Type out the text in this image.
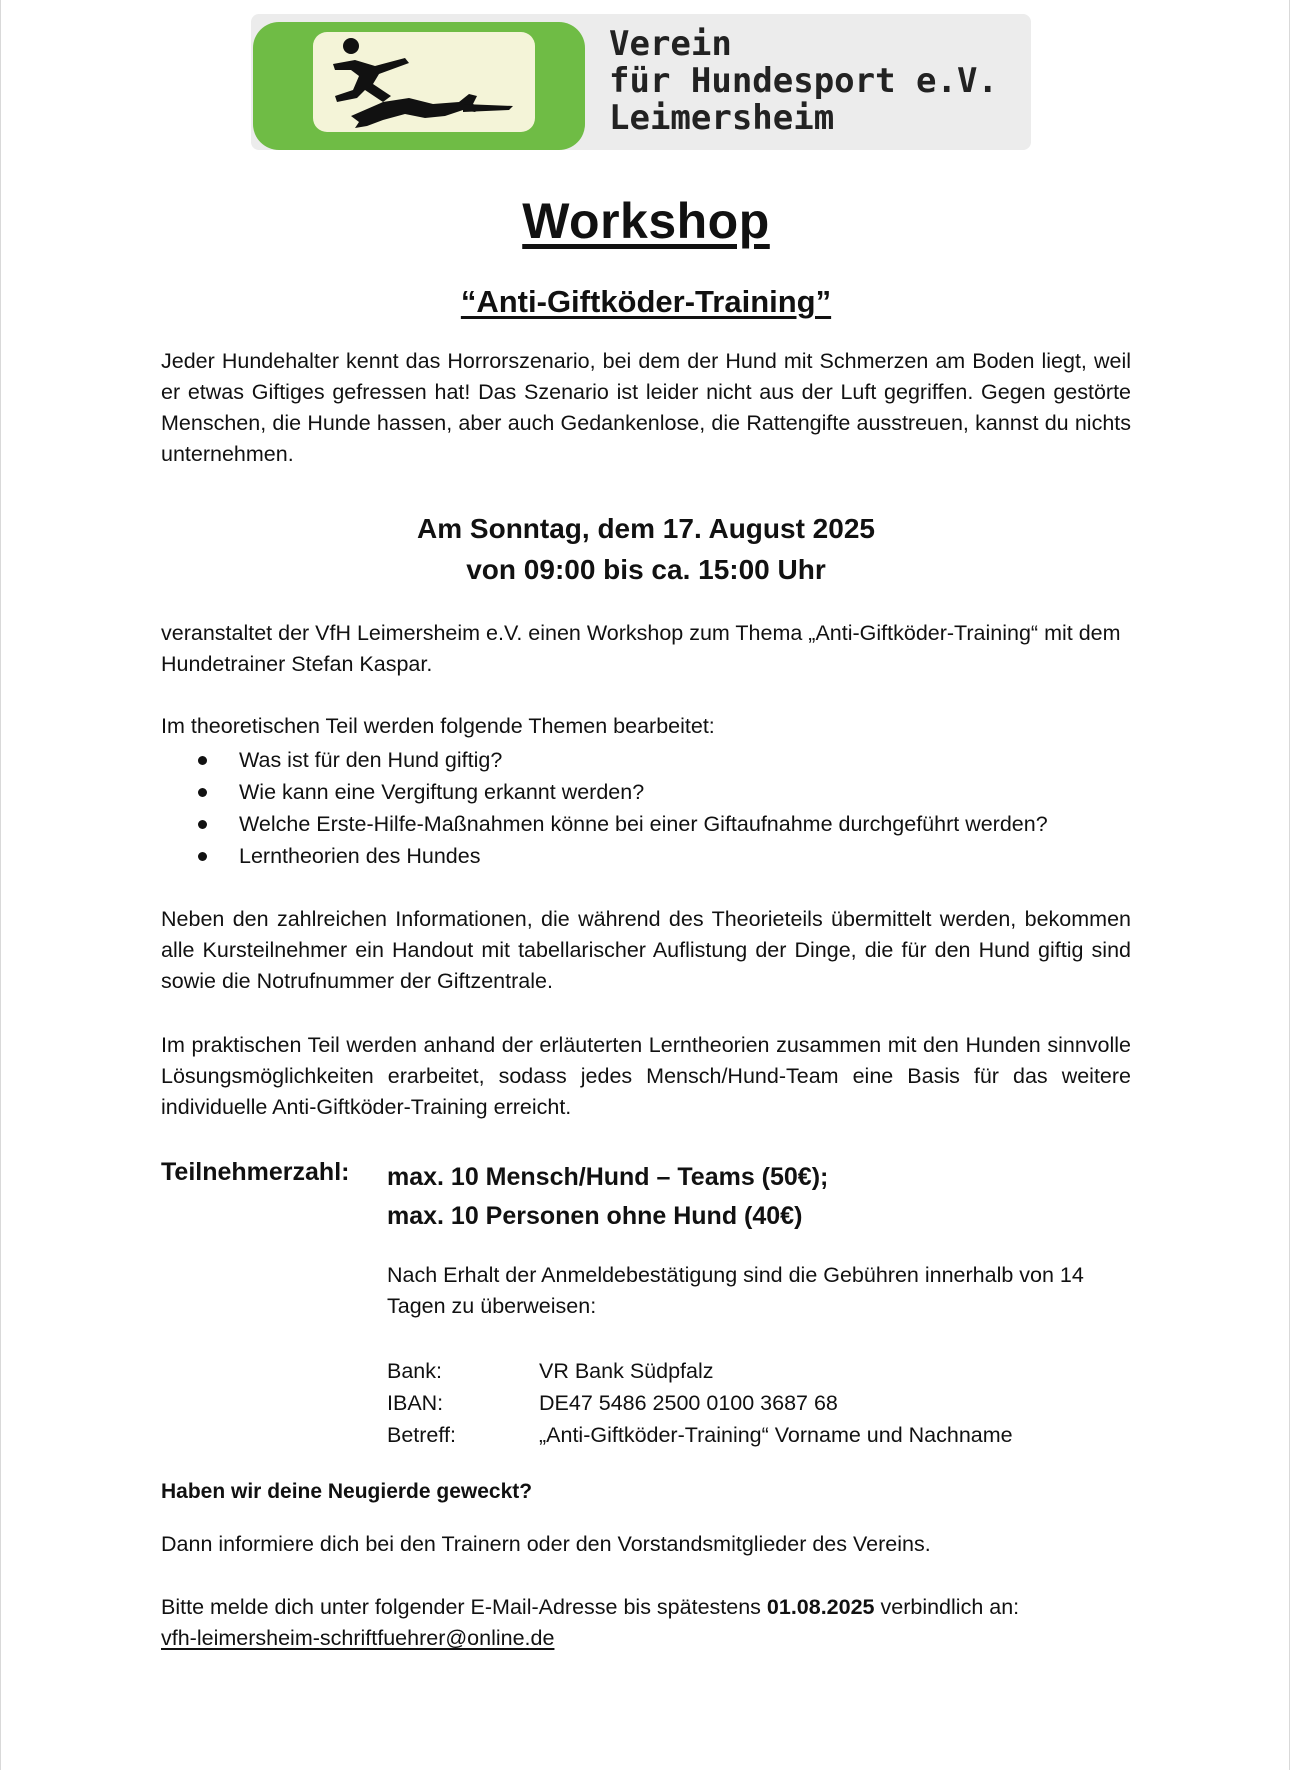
Verein
für Hundesport e.V.
Leimersheim
Workshop
“Anti-Giftköder-Training”
Jeder Hundehalter kennt das Horrorszenario, bei dem der Hund mit Schmerzen am Boden liegt, weil er etwas Giftiges gefressen hat! Das Szenario ist leider nicht aus der Luft gegriffen. Gegen gestörte Menschen, die Hunde hassen, aber auch Gedankenlose, die Rattengifte ausstreuen, kannst du nichts unternehmen.
Am Sonntag, dem 17. August 2025
von 09:00 bis ca. 15:00 Uhr
veranstaltet der VfH Leimersheim e.V. einen Workshop zum Thema „Anti-Giftköder-Training“ mit dem Hundetrainer Stefan Kaspar.
Im theoretischen Teil werden folgende Themen bearbeitet:
Was ist für den Hund giftig?
Wie kann eine Vergiftung erkannt werden?
Welche Erste-Hilfe-Maßnahmen könne bei einer Giftaufnahme durchgeführt werden?
Lerntheorien des Hundes
Neben den zahlreichen Informationen, die während des Theorieteils übermittelt werden, bekommen alle Kursteilnehmer ein Handout mit tabellarischer Auflistung der Dinge, die für den Hund giftig sind sowie die Notrufnummer der Giftzentrale.
Im praktischen Teil werden anhand der erläuterten Lerntheorien zusammen mit den Hunden sinnvolle Lösungsmöglichkeiten erarbeitet, sodass jedes Mensch/Hund-Team eine Basis für das weitere individuelle Anti-Giftköder-Training erreicht.
Teilnehmerzahl: max. 10 Mensch/Hund – Teams (50€);
max. 10 Personen ohne Hund (40€)
Nach Erhalt der Anmeldebestätigung sind die Gebühren innerhalb von 14 Tagen zu überweisen:
Bank:	VR Bank Südpfalz
IBAN:	DE47 5486 2500 0100 3687 68
Betreff:	„Anti-Giftköder-Training“ Vorname und Nachname
Haben wir deine Neugierde geweckt?
Dann informiere dich bei den Trainern oder den Vorstandsmitglieder des Vereins.
Bitte melde dich unter folgender E-Mail-Adresse bis spätestens 01.08.2025 verbindlich an:
vfh-leimersheim-schriftfuehrer@online.de
